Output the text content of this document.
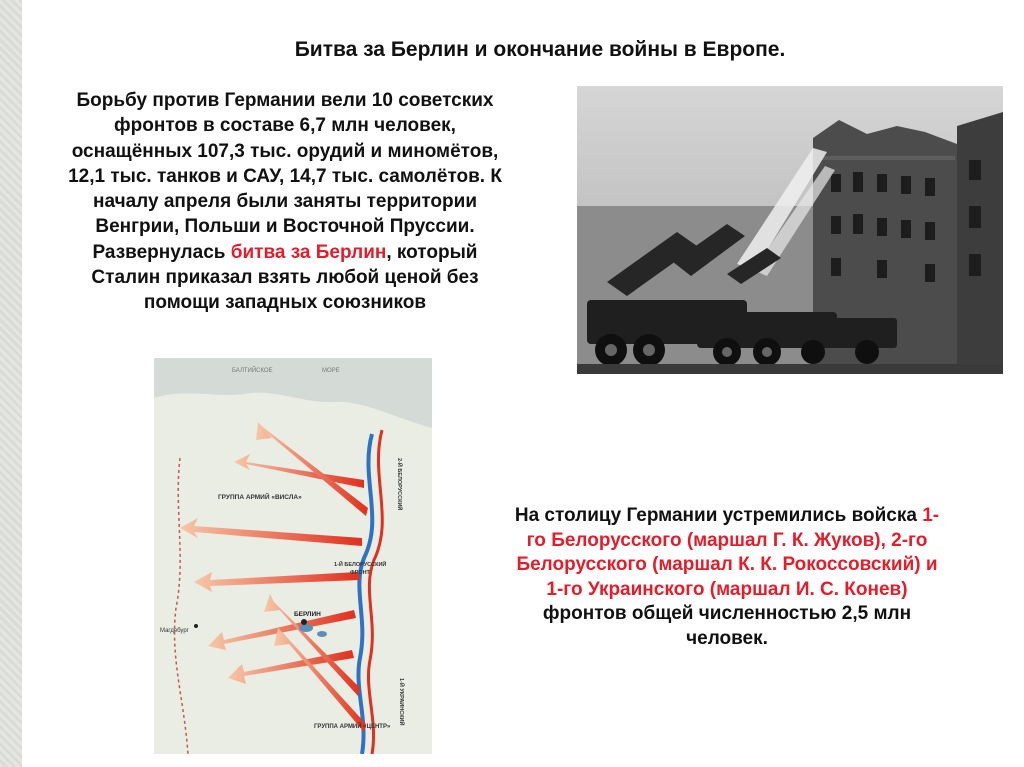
Битва за Берлин и окончание войны в Европе.
Борьбу против Германии вели 10 советских
фронтов в составе 6,7 млн человек,
оснащённых 107,3 тыс. орудий и миномётов,
12,1 тыс. танков и САУ, 14,7 тыс. самолётов. К
началу апреля были заняты территории
Венгрии, Польши и Восточной Пруссии.
Развернулась битва за Берлин, который
Сталин приказал взять любой ценой без
помощи западных союзников
БАЛТИЙСКОЕ	МОРЕ
ГРУППА АРМИЙ «ВИСЛА»
ГРУППА АРМИЙ «ЦЕНТР»
1-Й БЕЛОРУССКИЙ
ФРОНТ
2-Й БЕЛОРУССКИЙ
1-Й УКРАИНСКИЙ
БЕРЛИН
Магдебург
На столицу Германии устремились войска 1-
го Белорусского (маршал Г. К. Жуков), 2-го
Белорусского (маршал К. К. Рокоссовский) и
1-го Украинского (маршал И. С. Конев)
фронтов общей численностью 2,5 млн
человек.
